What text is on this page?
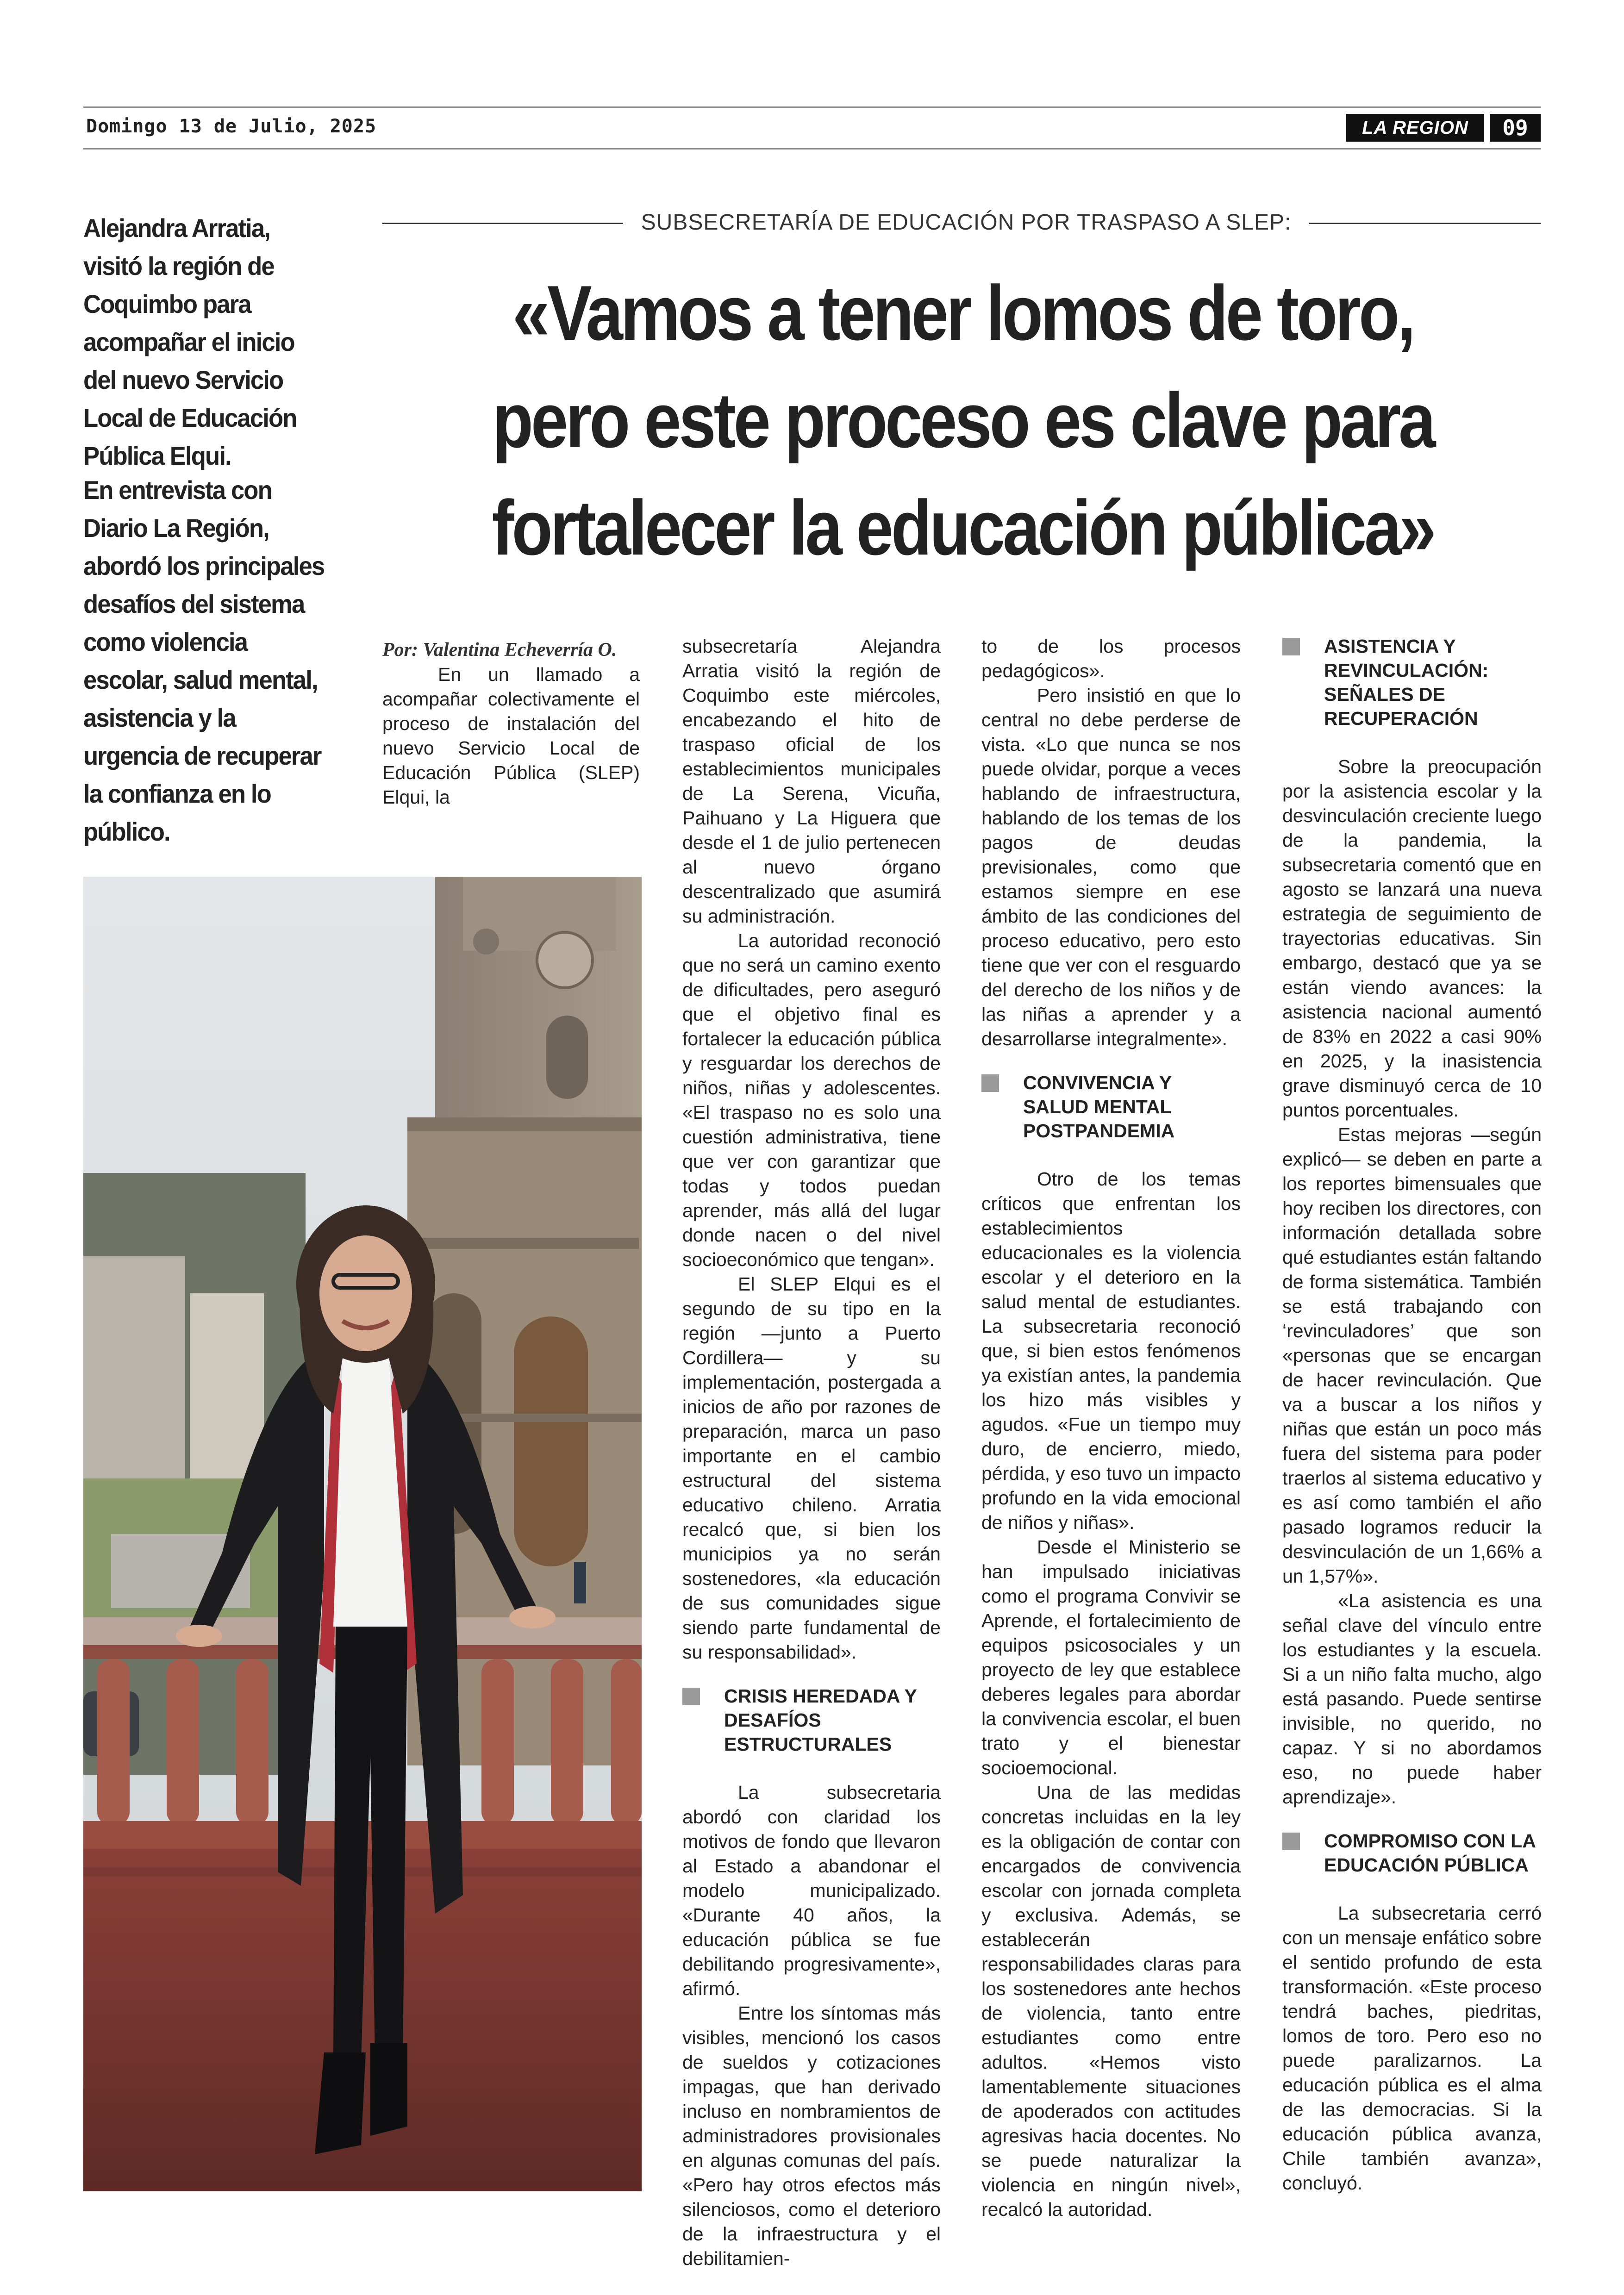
Domingo 13 de Julio, 2025	LA REGION	09
Alejandra Arratia, visitó la región de Coquimbo para acompañar el inicio del nuevo Servicio Local de Educación Pública Elqui.
En entrevista con Diario La Región, abordó los principales desafíos del sistema como violencia escolar, salud mental, asistencia y la urgencia de recuperar la confianza en lo público.
SUBSECRETARÍA DE EDUCACIÓN POR TRASPASO A SLEP:
«Vamos a tener lomos de toro,
pero este proceso es clave para
fortalecer la educación pública»

Por: Valentina Echeverría O.

En un llamado a acompañar colectivamente el proceso de instalación del nuevo Servicio Local de Educación Pública (SLEP) Elqui, la

subsecretaría Alejandra Arratia visitó la región de Coquimbo este miércoles, encabezando el hito de traspaso oficial de los establecimientos municipales de La Serena, Vicuña, Paihuano y La Higuera que desde el 1 de julio pertenecen al nuevo órgano descentralizado que asumirá su administración.

La autoridad reconoció que no será un camino exento de dificultades, pero aseguró que el objetivo final es fortalecer la educación pública y resguardar los derechos de niños, niñas y adolescentes. «El traspaso no es solo una cuestión administrativa, tiene que ver con garantizar que todas y todos puedan aprender, más allá del lugar donde nacen o del nivel socioeconómico que tengan».

El SLEP Elqui es el segundo de su tipo en la región —junto a Puerto Cordillera— y su implementación, postergada a inicios de año por razones de preparación, marca un paso importante en el cambio estructural del sistema educativo chileno. Arratia recalcó que, si bien los municipios ya no serán sostenedores, «la educación de sus comunidades sigue siendo parte fundamental de su responsabilidad».

CRISIS HEREDADA Y DESAFÍOS ESTRUCTURALES

La subsecretaria abordó con claridad los motivos de fondo que llevaron al Estado a abandonar el modelo municipalizado. «Durante 40 años, la educación pública se fue debilitando progresivamente», afirmó.

Entre los síntomas más visibles, mencionó los casos de sueldos y cotizaciones impagas, que han derivado incluso en nombramientos de administradores provisionales en algunas comunas del país. «Pero hay otros efectos más silenciosos, como el deterioro de la infraestructura y el debilitamien-

to de los procesos pedagógicos».

Pero insistió en que lo central no debe perderse de vista. «Lo que nunca se nos puede olvidar, porque a veces hablando de infraestructura, hablando de los temas de los pagos de deudas previsionales, como que estamos siempre en ese ámbito de las condiciones del proceso educativo, pero esto tiene que ver con el resguardo del derecho de los niños y de las niñas a aprender y a desarrollarse integralmente».

CONVIVENCIA Y SALUD MENTAL POSTPANDEMIA

Otro de los temas críticos que enfrentan los establecimientos educacionales es la violencia escolar y el deterioro en la salud mental de estudiantes. La subsecretaria reconoció que, si bien estos fenómenos ya existían antes, la pandemia los hizo más visibles y agudos. «Fue un tiempo muy duro, de encierro, miedo, pérdida, y eso tuvo un impacto profundo en la vida emocional de niños y niñas».

Desde el Ministerio se han impulsado iniciativas como el programa Convivir se Aprende, el fortalecimiento de equipos psicosociales y un proyecto de ley que establece deberes legales para abordar la convivencia escolar, el buen trato y el bienestar socioemocional.

Una de las medidas concretas incluidas en la ley es la obligación de contar con encargados de convivencia escolar con jornada completa y exclusiva. Además, se establecerán responsabilidades claras para los sostenedores ante hechos de violencia, tanto entre estudiantes como entre adultos. «Hemos visto lamentablemente situaciones de apoderados con actitudes agresivas hacia docentes. No se puede naturalizar la violencia en ningún nivel», recalcó la autoridad.

ASISTENCIA Y REVINCULACIÓN: SEÑALES DE RECUPERACIÓN

Sobre la preocupación por la asistencia escolar y la desvinculación creciente luego de la pandemia, la subsecretaria comentó que en agosto se lanzará una nueva estrategia de seguimiento de trayectorias educativas. Sin embargo, destacó que ya se están viendo avances: la asistencia nacional aumentó de 83% en 2022 a casi 90% en 2025, y la inasistencia grave disminuyó cerca de 10 puntos porcentuales.

Estas mejoras —según explicó— se deben en parte a los reportes bimensuales que hoy reciben los directores, con información detallada sobre qué estudiantes están faltando de forma sistemática. También se está trabajando con ‘revinculadores’ que son «personas que se encargan de hacer revinculación. Que va a buscar a los niños y niñas que están un poco más fuera del sistema para poder traerlos al sistema educativo y es así como también el año pasado logramos reducir la desvinculación de un 1,66% a un 1,57%».

«La asistencia es una señal clave del vínculo entre los estudiantes y la escuela. Si a un niño falta mucho, algo está pasando. Puede sentirse invisible, no querido, no capaz. Y si no abordamos eso, no puede haber aprendizaje».

COMPROMISO CON LA EDUCACIÓN PÚBLICA

La subsecretaria cerró con un mensaje enfático sobre el sentido profundo de esta transformación. «Este proceso tendrá baches, piedritas, lomos de toro. Pero eso no puede paralizarnos. La educación pública es el alma de las democracias. Si la educación pública avanza, Chile también avanza», concluyó.
